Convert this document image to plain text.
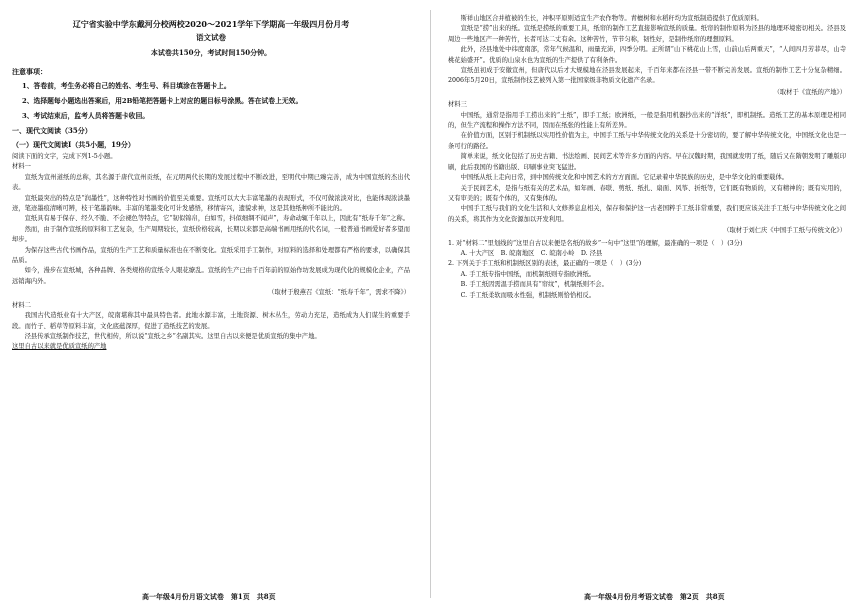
辽宁省实验中学东戴河分校两校2020～2021学年下学期高一年级四月份月考
语文试卷
本试卷共150分，考试时间150分钟。
注意事项：
1、答卷前，考生务必将自己的姓名、考生号、科目填涂在答题卡上。
2、选择题每小题选出答案后，用2B铅笔把答题卡上对应的题目标号涂黑。答在试卷上无效。
3、考试结束后，监考人员将答题卡收回。
一、现代文阅读（35分）
（一）现代文阅读Ⅰ（共5小题，19分）

阅读下面的文字，完成下列1-5小题。

材料一

宣纸为宣州道纸的总称，其名源于唐代宣州贡纸，在元明两代长期的发展过程中不断改进，至明代中期已臻完善，成为中国宣纸的杰出代表。

宣纸最突出的特点是“润墨性”，这种特性对书画的价值至关重要。宣纸可以大大丰富笔墨的表现形式，不仅可做浓淡对比，也能体现浓淡墨迹，笔迹墨痕清晰可辨，枝干笔墨韵味。丰富的笔墨变化可计发感悟，移情寄兴，遗貌求神，这是其他纸种所不能比的。

宣纸具有易于保存、经久不脆、不会褪色等特点，它“韧似锦帛，白如雪，抖似细绸不闻声”，寿命动辄千年以上，因此有“纸寿千年”之称。

然而，由于制作宣纸的原料和工艺复杂，生产周期较长，宣纸价格较高，长期以来都是高端书画用纸的代名词，一般普通书画爱好者多望而却步。

为保存这些古代书画作品，宣纸的生产工艺和质量标准也在不断变化。宣纸采用手工制作，对原料的选择和处理都有严格的要求，以确保其品质。

如今，漫步在宣纸城，各种品牌、各类规格的宣纸令人眼花缭乱。宣纸的生产已由千百年前的原始作坊发展成为现代化的规模化企业，产品远销海内外。

（取材于殷燕召《宣纸：“纸寿千年”，需求不降》）

材料二

我国古代造纸业有十大产区，皖南堪称其中最具特色者。此地水源丰富，土地资源、树木丛生，劳动力充足，造纸成为人们谋生的重要手段。而竹子、稻草等原料丰富，文化底蕴深厚，促进了造纸技艺的发展。

泾县传承宣纸制作技艺，世代相传，所以说“宣纸之乡”名副其实。这里自古以来便是优质宣纸的集中产地。

这里自古以来就是优质宣纸的产地

斯祥山地区合并植被的生长，冲积平原则适宜生产农作物等。青檀树和水稻秆均为宣纸制造提供了优质原料。

宣纸是“捞”出来的纸。宣纸是捞纸的重要工具，纸帘的制作工艺直接影响宣纸的质量。纸帘的制作原料为泾县的地理环境密切相关。泾县及周边一些地区产一种苦竹，长者可达二丈有余。这种苦竹，节节匀称，韧性好，是制作纸帘的理想原料。

此外，泾县地处中纬度南部，常年气候温和，雨量充沛，四季分明。正所谓“山下桃花山上雪，山前山后两重天”，“人间四月芳菲尽，山寺桃花始盛开”。优质的山泉水也为宣纸的生产提供了有利条件。

宣纸虽初成于安徽宣州，但唐代以后才大规模地在泾县发展起来，千百年来都在泾县一带不断完善发展。宣纸的制作工艺十分复杂精细。2006年5月20日，宣纸制作技艺被列入第一批国家级非物质文化遗产名录。

（取材于《宣纸的产地》）

材料三

中国纸，通常是指用手工捞出来的“土纸”，即手工纸；欧洲纸，一般是指用机器抄出来的“洋纸”，即机制纸。造纸工艺的基本原理是相同的，但生产流程和操作方法不同，因而在纸张的性能上有所差异。

在价值方面，区别于机制纸以实用性价值为主，中国手工纸与中华传统文化的关系是十分密切的，要了解中华传统文化，中国纸文化也是一条可行的路径。

简单来说，纸文化包括了历史古籍、书法绘画、民间艺术等许多方面的内容。早在汉魏时期，我国就发明了纸，随后又在隋朝发明了雕版印刷，此后我国的书籍出版、印刷事业突飞猛进。

中国纸从纸上走向日常，到中国传统文化和中国艺术的方方面面。它记录着中华民族的历史，是中华文化的重要载体。

关于民间艺术，是指与纸有关的艺术品，如年画、春联、剪纸、纸扎、扇面、风筝、折纸等，它们既有物质的，又有精神的；既有实用的，又有审美的；既有个体的，又有集体的。

中国手工纸与我们的文化生活和人文修养息息相关，保存和保护这一古老国粹手工纸非常重要，我们更应该关注手工纸与中华传统文化之间的关系，将其作为文化资源加以开发利用。

（取材于刘仁庆《中国手工纸与传统文化》）

1. 对“材料二”里划线的“这里自古以来便是名纸的故乡”一句中“这里”的理解，最准确的一项是（　）(3分)

A. 十大产区　B. 皖南地区　C. 皖南小岭　D. 泾县

2. 下列关于手工纸和机制纸区别的表述，最正确的一项是（　）(3分)

A. 手工纸专指中国纸，而机制纸则专指欧洲纸。

B. 手工纸因需温手捞而具有“帘纹”，机制纸则不会。

C. 手工纸柔软而吸水性强，机制纸则恰恰相反。

高一年级4月份月语文试卷　第1页　共8页	高一年级4月份月考语文试卷　第2页　共8页
